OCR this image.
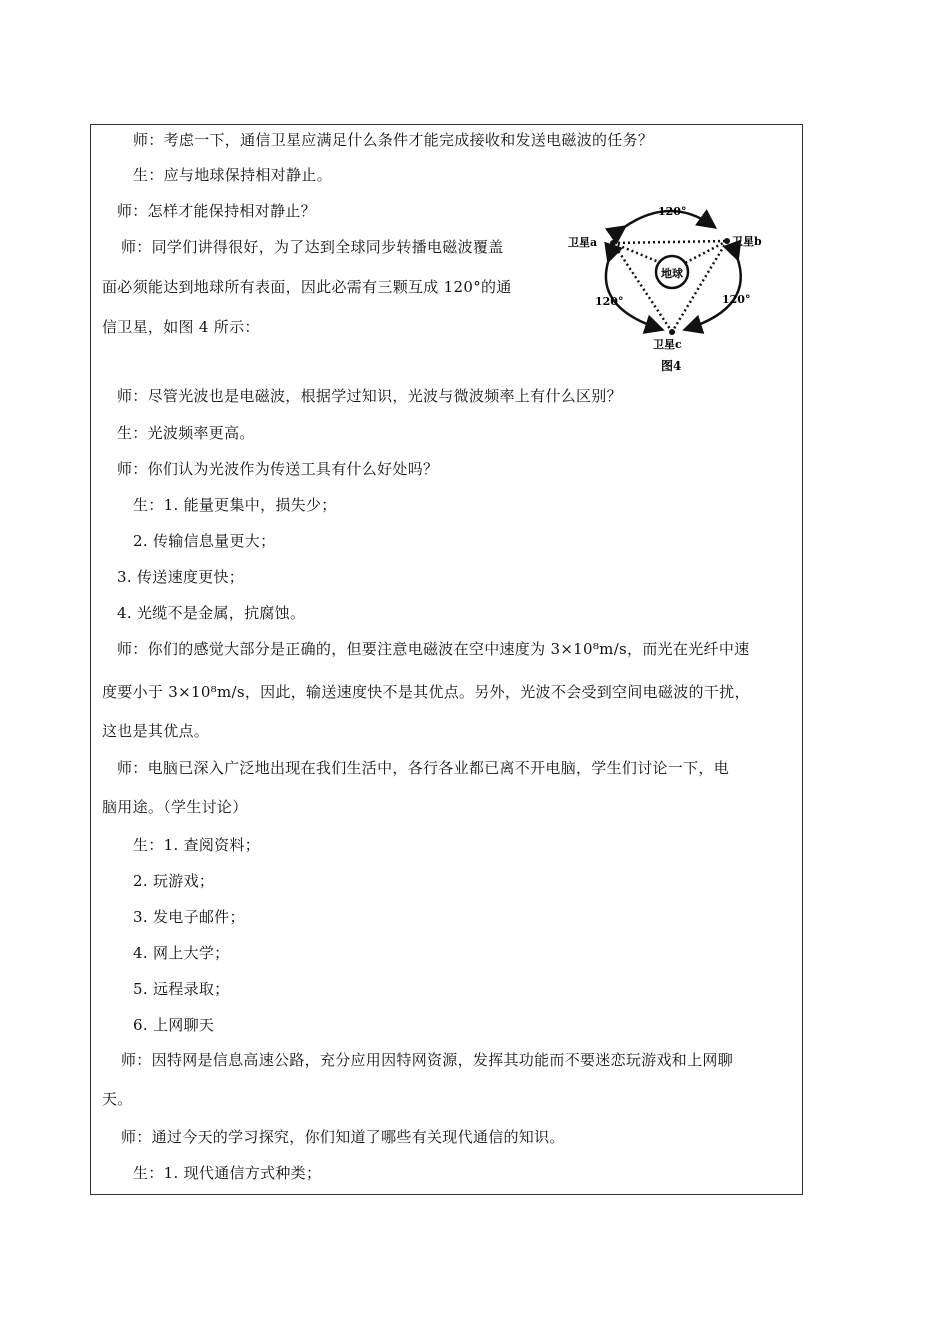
师：考虑一下，通信卫星应满足什么条件才能完成接收和发送电磁波的任务？
生：应与地球保持相对静止。
师：怎样才能保持相对静止？
师：同学们讲得很好，为了达到全球同步转播电磁波覆盖
面必须能达到地球所有表面，因此必需有三颗互成 120°的通
信卫星，如图 4 所示：
师：尽管光波也是电磁波，根据学过知识，光波与微波频率上有什么区别？
生：光波频率更高。
师：你们认为光波作为传送工具有什么好处吗？
生：1. 能量更集中，损失少；
2. 传输信息量更大；
3. 传送速度更快；
4. 光缆不是金属，抗腐蚀。
师：你们的感觉大部分是正确的，但要注意电磁波在空中速度为 3×10⁸m/s，而光在光纤中速
度要小于 3×10⁸m/s，因此，输送速度快不是其优点。另外，光波不会受到空间电磁波的干扰，
这也是其优点。
师：电脑已深入广泛地出现在我们生活中，各行各业都已离不开电脑，学生们讨论一下，电
脑用途。（学生讨论）
生：1. 查阅资料；
2. 玩游戏；
3. 发电子邮件；
4. 网上大学；
5. 远程录取；
6. 上网聊天
师：因特网是信息高速公路，充分应用因特网资源，发挥其功能而不要迷恋玩游戏和上网聊
天。
师：通过今天的学习探究，你们知道了哪些有关现代通信的知识。
生：1. 现代通信方式种类；
地球
卫星a	卫星b
卫星c
120°
120°	120°
图4
